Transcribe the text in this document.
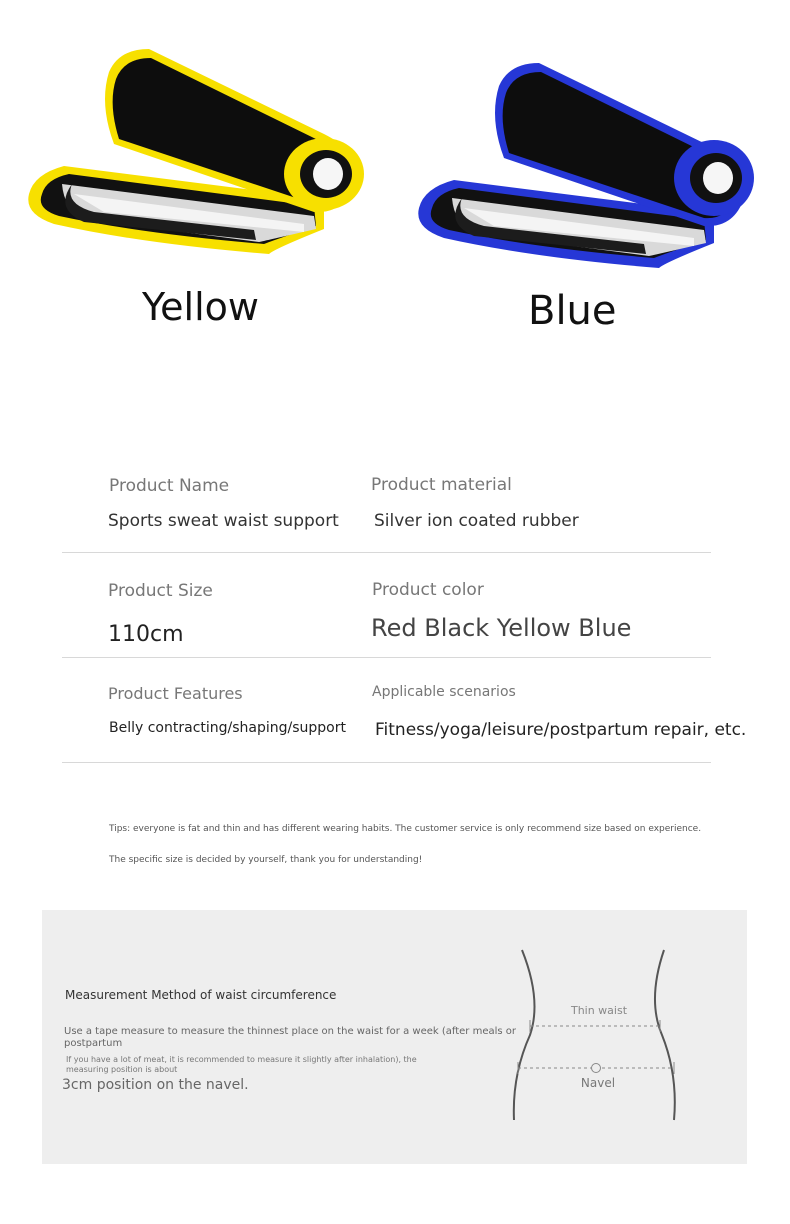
Yellow	Blue
Product Name
Sports sweat waist support
Product material
Silver ion coated rubber
Product Size
110cm
Product color
Red Black Yellow Blue
Product Features
Belly contracting/shaping/support
Applicable scenarios
Fitness/yoga/leisure/postpartum repair, etc.
Tips: everyone is fat and thin and has different wearing habits. The customer service is only recommend size based on experience.
The specific size is decided by yourself, thank you for understanding!
Measurement Method of waist circumference
Use a tape measure to measure the thinnest place on the waist for a week (after meals or postpartum
If you have a lot of meat, it is recommended to measure it slightly after inhalation), the measuring position is about
3cm position on the navel.
Thin waist
Navel
